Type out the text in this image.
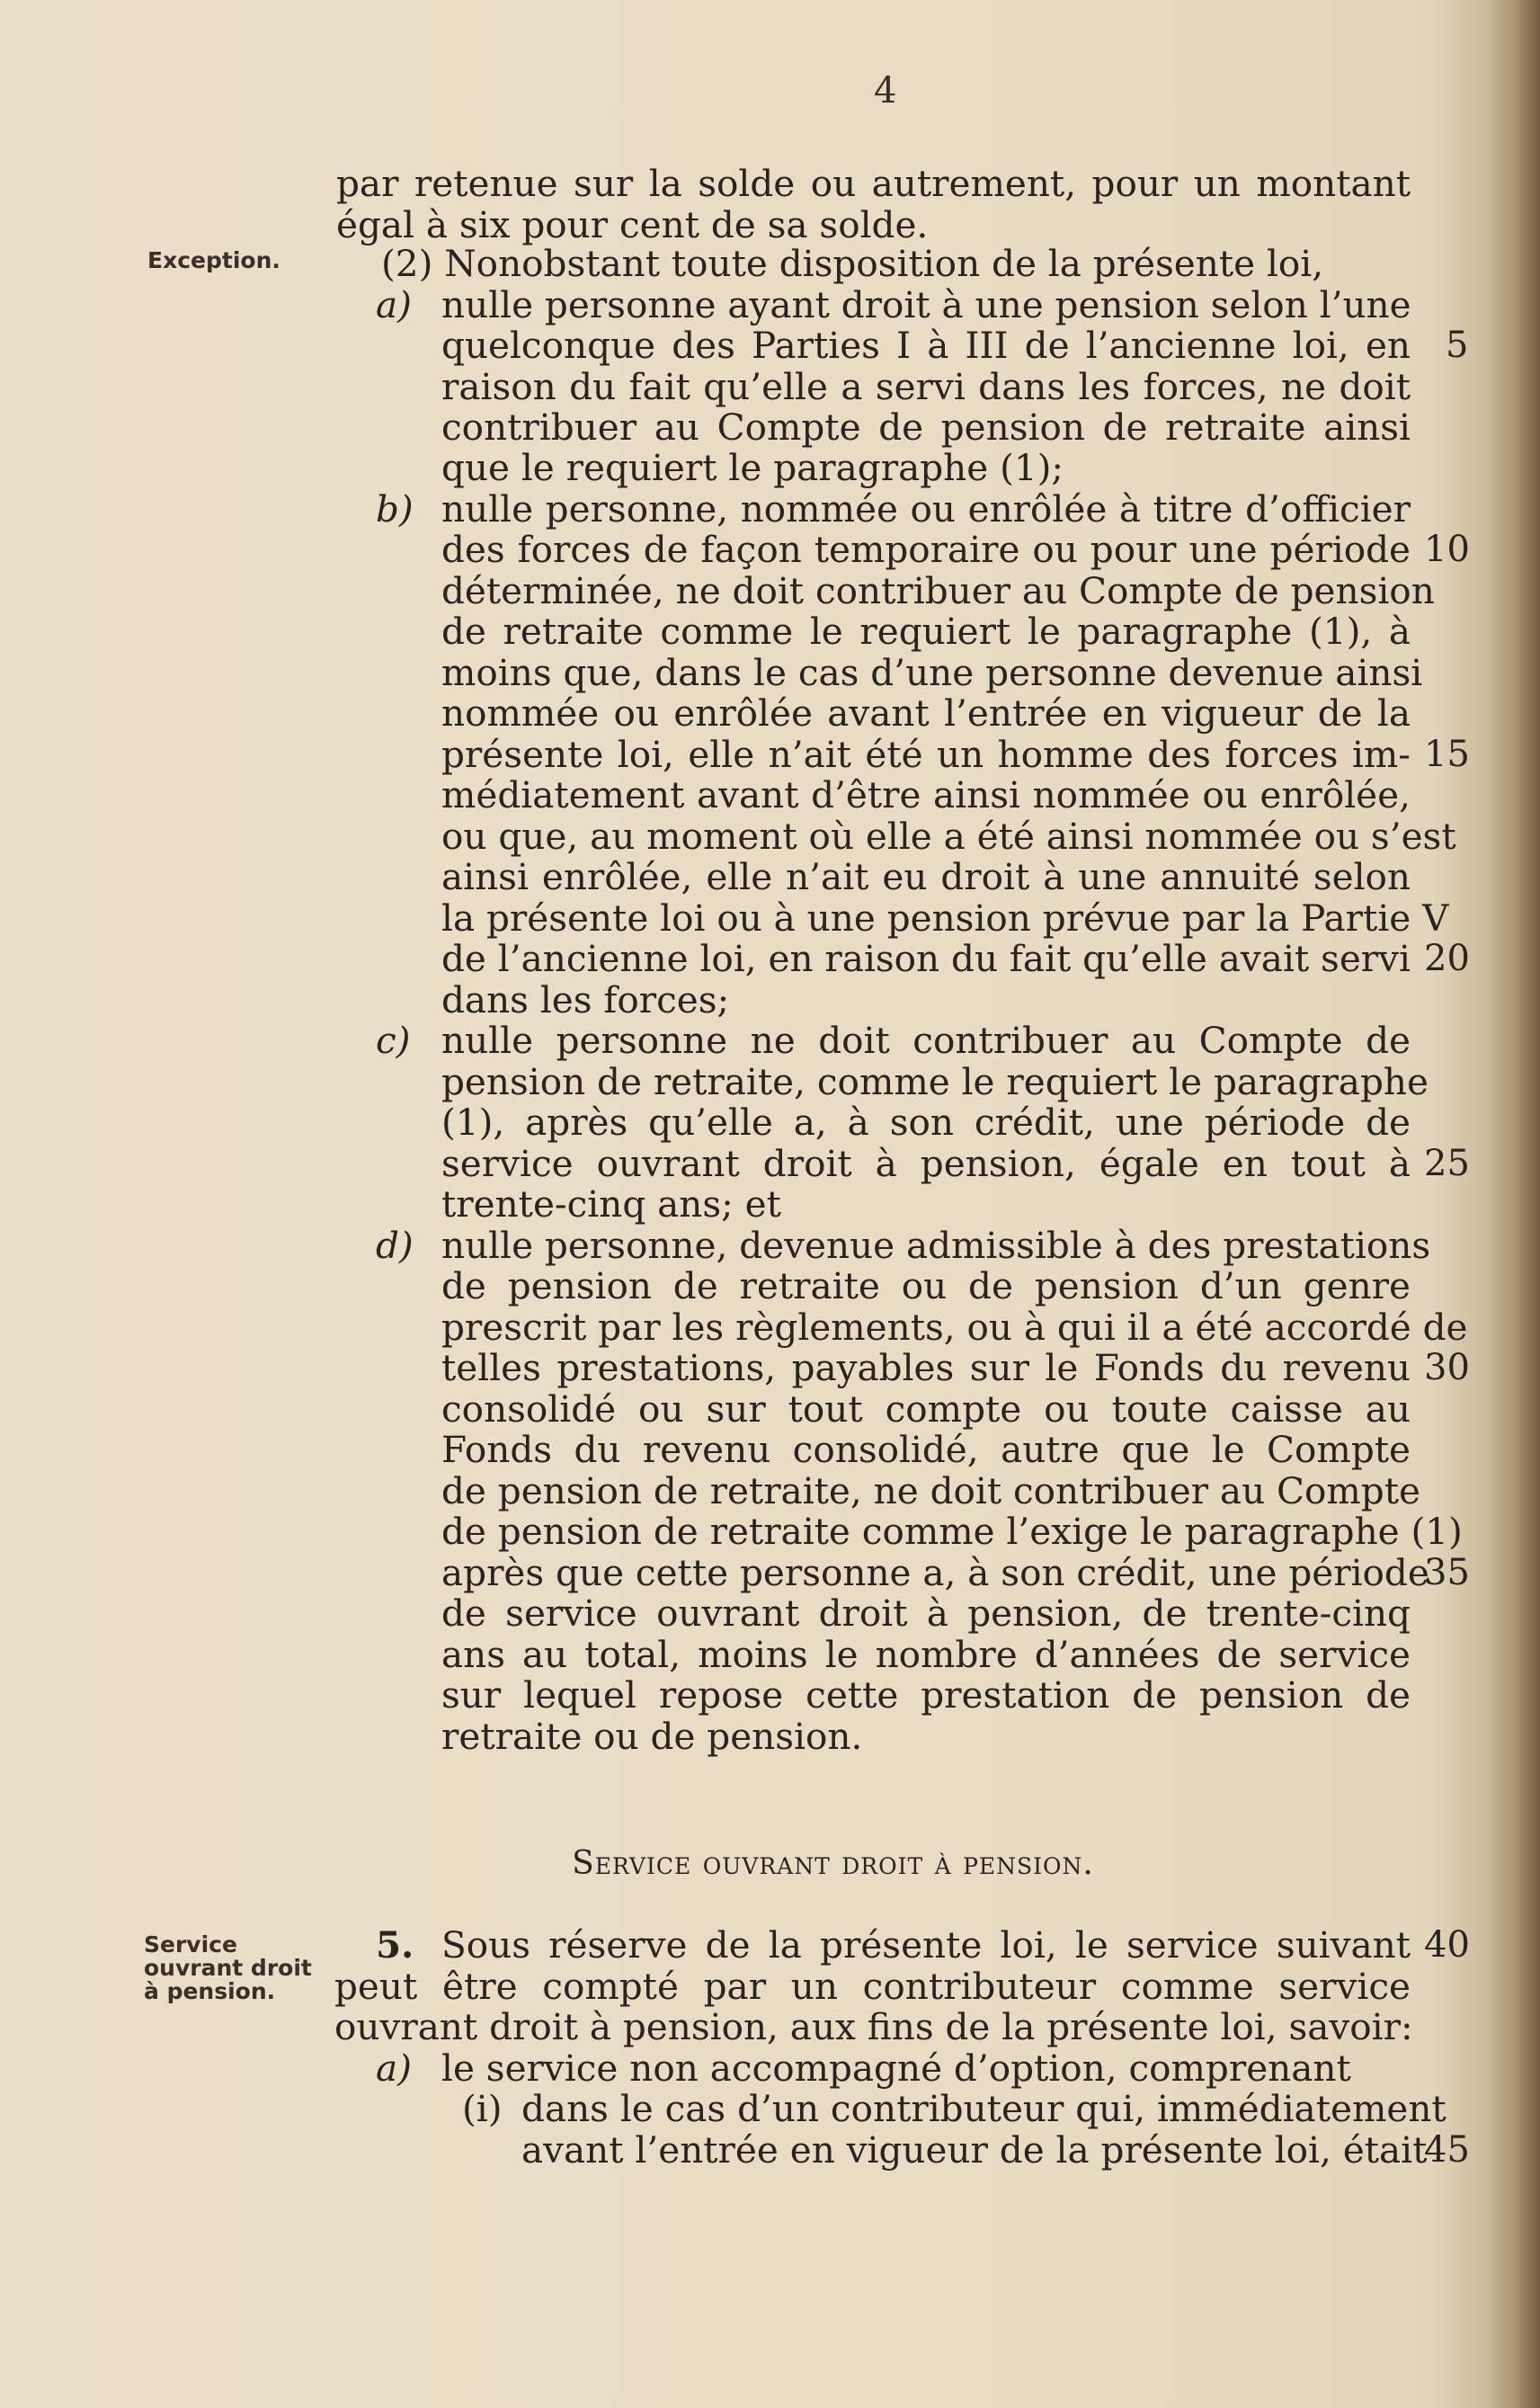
4
Exception.
Service
ouvrant droit
à pension.
par retenue sur la solde ou autrement, pour un montant
égal à six pour cent de sa solde.
(2) Nonobstant toute disposition de la présente loi,
a) nulle personne ayant droit à une pension selon l’une
quelconque des Parties I à III de l’ancienne loi, en
raison du fait qu’elle a servi dans les forces, ne doit
contribuer au Compte de pension de retraite ainsi
que le requiert le paragraphe (1);
b) nulle personne, nommée ou enrôlée à titre d’officier
des forces de façon temporaire ou pour une période
déterminée, ne doit contribuer au Compte de pension
de retraite comme le requiert le paragraphe (1), à
moins que, dans le cas d’une personne devenue ainsi
nommée ou enrôlée avant l’entrée en vigueur de la
présente loi, elle n’ait été un homme des forces im-
médiatement avant d’être ainsi nommée ou enrôlée,
ou que, au moment où elle a été ainsi nommée ou s’est
ainsi enrôlée, elle n’ait eu droit à une annuité selon
la présente loi ou à une pension prévue par la Partie V
de l’ancienne loi, en raison du fait qu’elle avait servi
dans les forces;
c) nulle personne ne doit contribuer au Compte de
pension de retraite, comme le requiert le paragraphe
(1), après qu’elle a, à son crédit, une période de
service ouvrant droit à pension, égale en tout à
trente-cinq ans; et
d) nulle personne, devenue admissible à des prestations
de pension de retraite ou de pension d’un genre
prescrit par les règlements, ou à qui il a été accordé de
telles prestations, payables sur le Fonds du revenu
consolidé ou sur tout compte ou toute caisse au
Fonds du revenu consolidé, autre que le Compte
de pension de retraite, ne doit contribuer au Compte
de pension de retraite comme l’exige le paragraphe (1)
après que cette personne a, à son crédit, une période
de service ouvrant droit à pension, de trente-cinq
ans au total, moins le nombre d’années de service
sur lequel repose cette prestation de pension de
retraite ou de pension.
Service ouvrant droit à pension.
5. Sous réserve de la présente loi, le service suivant
peut être compté par un contributeur comme service
ouvrant droit à pension, aux fins de la présente loi, savoir:
a) le service non accompagné d’option, comprenant
(i) dans le cas d’un contributeur qui, immédiatement
avant l’entrée en vigueur de la présente loi, était
5
10
15
20
25
30
35
40
45
